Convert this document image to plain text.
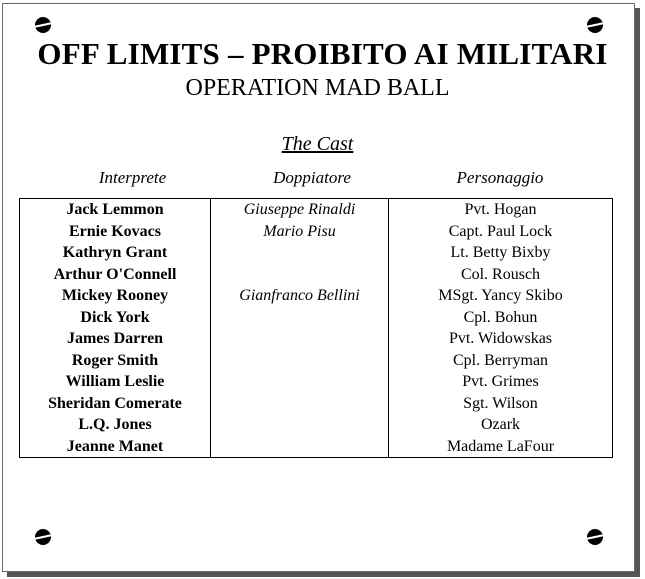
OFF LIMITS – PROIBITO AI MILITARI
OPERATION MAD BALL
The Cast
Interprete	Doppiatore	Personaggio
Jack Lemmon	Giuseppe Rinaldi	Pvt. Hogan
Ernie Kovacs	Mario Pisu	Capt. Paul Lock
Kathryn Grant		Lt. Betty Bixby
Arthur O'Connell		Col. Rousch
Mickey Rooney	Gianfranco Bellini	MSgt. Yancy Skibo
Dick York		Cpl. Bohun
James Darren		Pvt. Widowskas
Roger Smith		Cpl. Berryman
William Leslie		Pvt. Grimes
Sheridan Comerate		Sgt. Wilson
L.Q. Jones		Ozark
Jeanne Manet		Madame LaFour
